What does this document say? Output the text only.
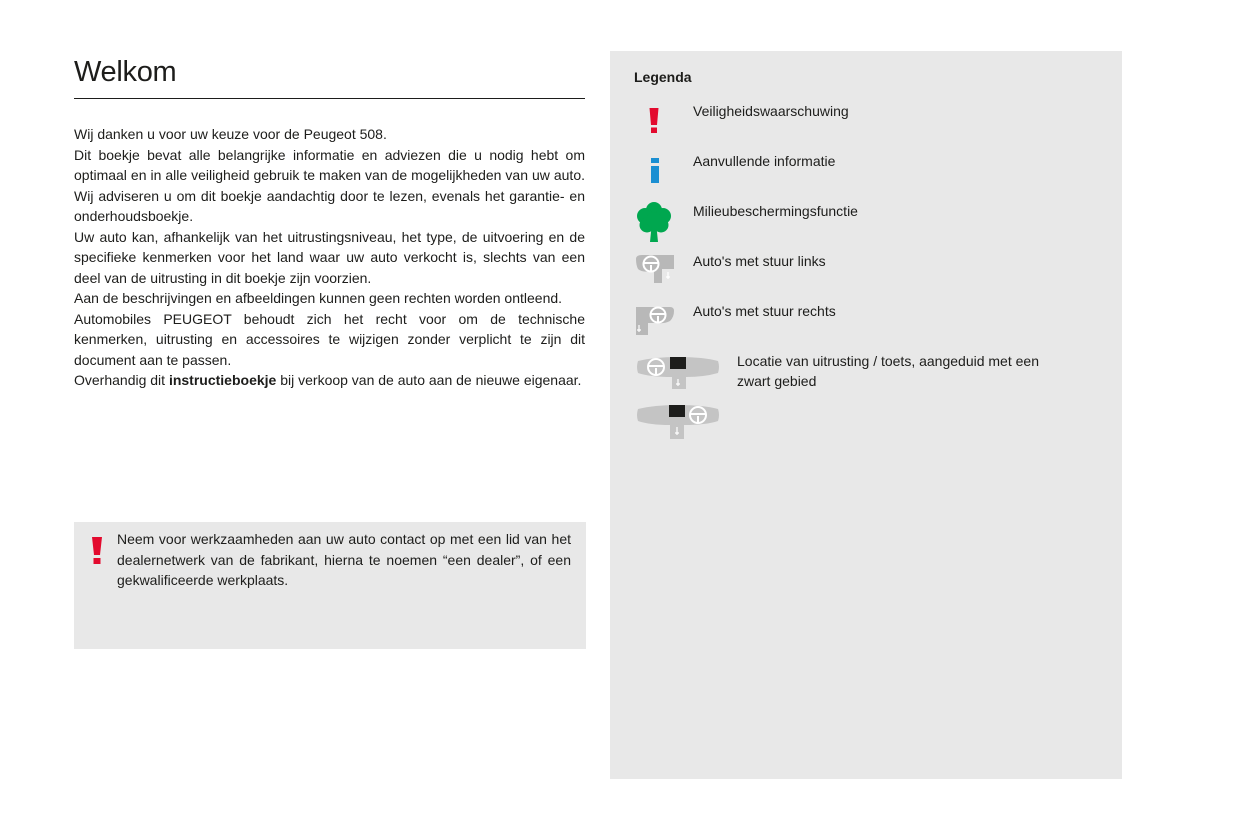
Welkom

Wij danken u voor uw keuze voor de Peugeot 508.

Dit boekje bevat alle belangrijke informatie en adviezen die u nodig hebt om optimaal en in alle veiligheid gebruik te maken van de mogelijkheden van uw auto. Wij adviseren u om dit boekje aandachtig door te lezen, evenals het garantie- en onderhoudsboekje.

Uw auto kan, afhankelijk van het uitrustingsniveau, het type, de uitvoering en de specifieke kenmerken voor het land waar uw auto verkocht is, slechts van een deel van de uitrusting in dit boekje zijn voorzien.

Aan de beschrijvingen en afbeeldingen kunnen geen rechten worden ontleend.

Automobiles PEUGEOT behoudt zich het recht voor om de technische kenmerken, uitrusting en accessoires te wijzigen zonder verplicht te zijn dit document aan te passen.

Overhandig dit instructieboekje bij verkoop van de auto aan de nieuwe eigenaar.

Neem voor werkzaamheden aan uw auto contact op met een lid van het dealernetwerk van de fabrikant, hierna te noemen “een dealer”, of een gekwalificeerde werkplaats.
Legenda
Veiligheidswaarschuwing
Aanvullende informatie
Milieubeschermingsfunctie
Auto's met stuur links
Auto's met stuur rechts
Locatie van uitrusting / toets, aangeduid met een zwart gebied
